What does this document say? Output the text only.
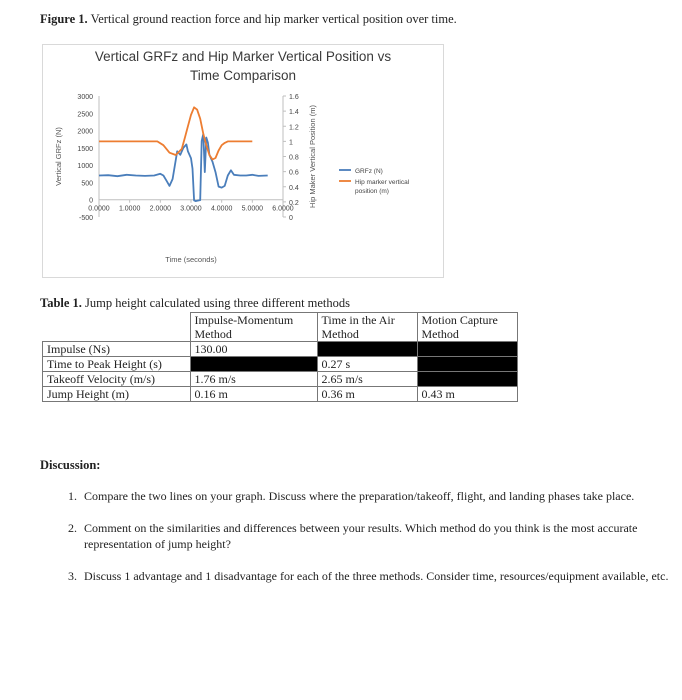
Figure 1. Vertical ground reaction force and hip marker vertical position over time.
Vertical GRFz and Hip Marker Vertical Position vs
Time Comparison
3000
2500
2000
1500
1000
500
0
-500
1.6
1.4
1.2
1
0.8
0.6
0.4
0.2
0
0.0000 1.0000 2.0000 3.0000 4.0000 5.0000 6.0000
Vertical GRFz (N)	Hip Maker Vertical Position (m)
Time (seconds)
GRFz (N)
Hip marker vertical position (m)
Table 1. Jump height calculated using three different methods
	Impulse-Momentum Method	Time in the Air Method	Motion Capture Method
Impulse (Ns)	130.00		
Time to Peak Height (s)		0.27 s	
Takeoff Velocity (m/s)	1.76 m/s	2.65 m/s	
Jump Height (m)	0.16 m	0.36 m	0.43 m
Discussion:
1. Compare the two lines on your graph. Discuss where the preparation/takeoff, flight, and landing phases take place.
2. Comment on the similarities and differences between your results. Which method do you think is the most accurate representation of jump height?
3. Discuss 1 advantage and 1 disadvantage for each of the three methods. Consider time, resources/equipment available, etc.
